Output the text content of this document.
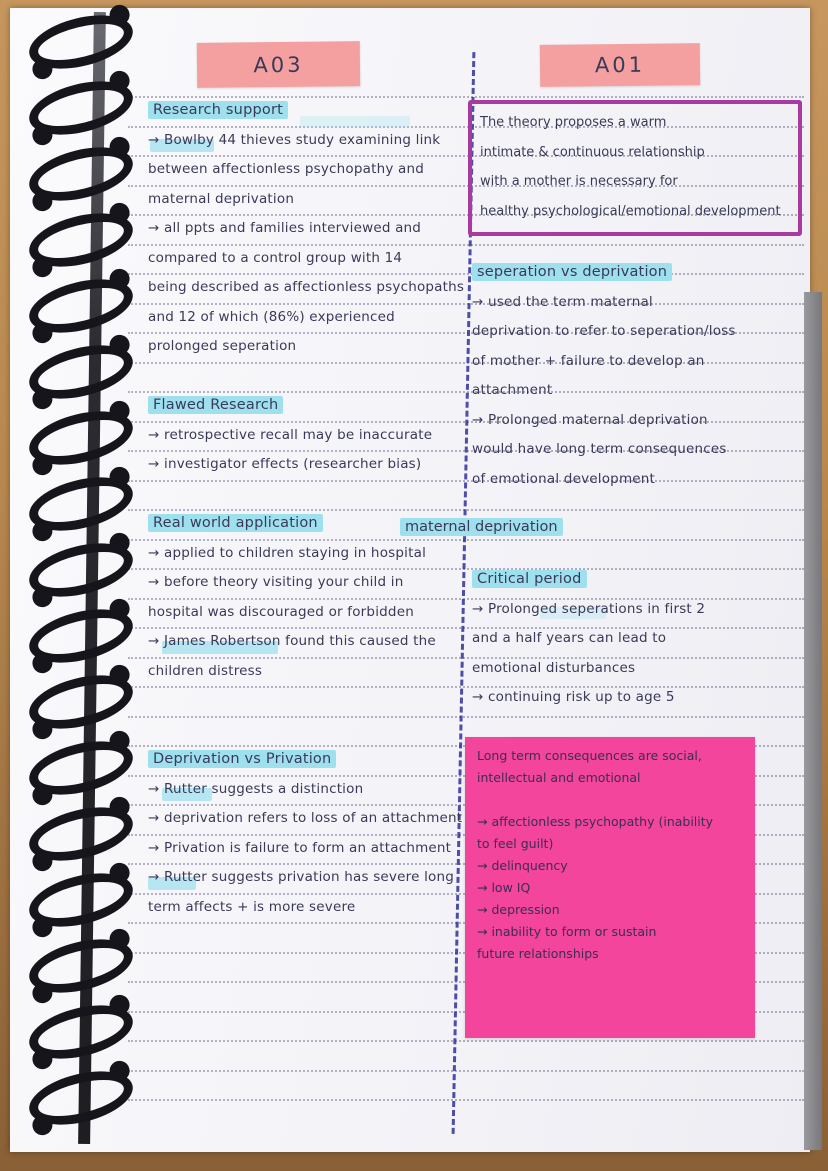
A03	A01
The theory proposes a warm
intimate & continuous relationship
with a mother is necessary for
healthy psychological/emotional development
Research support
→ Bowlby 44 thieves study examining link
between affectionless psychopathy and
maternal deprivation
→ all ppts and families interviewed and
compared to a control group with 14
being described as affectionless psychopaths
and 12 of which (86%) experienced
prolonged seperation
Flawed Research
→ retrospective recall may be inaccurate
→ investigator effects (researcher bias)
Real world application
→ applied to children staying in hospital
→ before theory visiting your child in
hospital was discouraged or forbidden
→ James Robertson found this caused the
children distress
Deprivation vs Privation
→ Rutter suggests a distinction
→ deprivation refers to loss of an attachment
→ Privation is failure to form an attachment
→ Rutter suggests privation has severe long
term affects + is more severe
seperation vs deprivation
→ used the term maternal
deprivation to refer to seperation/loss
of mother + failure to develop an
attachment
→ Prolonged maternal deprivation
would have long term consequences
of emotional development
maternal deprivation
Critical period
→ Prolonged seperations in first 2
and a half years can lead to
emotional disturbances
→ continuing risk up to age 5
Long term consequences are social,
intellectual and emotional
→ affectionless psychopathy (inability
to feel guilt)
→ delinquency
→ low IQ
→ depression
→ inability to form or sustain
future relationships
